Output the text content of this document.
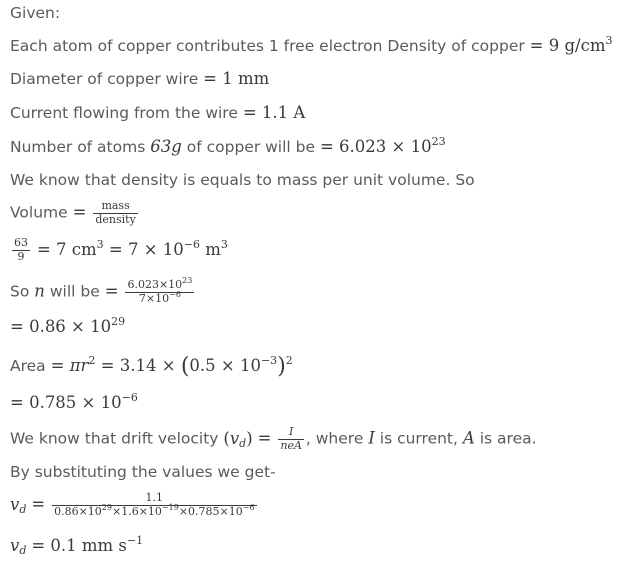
Given:
Each atom of copper contributes 1 free electron Density of copper = 9 $g/cm^3$
Diameter of copper wire = 1 mm
Current flowing from the wire = 1.1 A
Number of atoms 63g of copper will be = $6.023 \times 10^{23}$
We know that density is equals to mass per unit volume. So
Volume = $\frac{\text{mass}}{\text{density}}$
$\frac{63}{9} = 7$ $cm^3 = 7 \times 10^{-6}$ $m^3$
So n will be = $\frac{6.023\times 10^{23}}{7\times 10^{-6}}$
= $0.86 \times 10^{29}$
Area = $\pi r^2 = 3.14 \times (0.5 \times 10^{-3})^2$
= $0.785 \times 10^{-6}$
We know that drift velocity $(v_d) = \frac{I}{\text{neA}}$ , where I is current, A is area.
By substituting the values we get-
$v_d = \frac{1.1}{0.86\times 10^{29}\times 1.6\times 10^{-19}\times 0.785\times 10^{-6}}$
$v_d = 0.1$ mm $s^{-1}$
